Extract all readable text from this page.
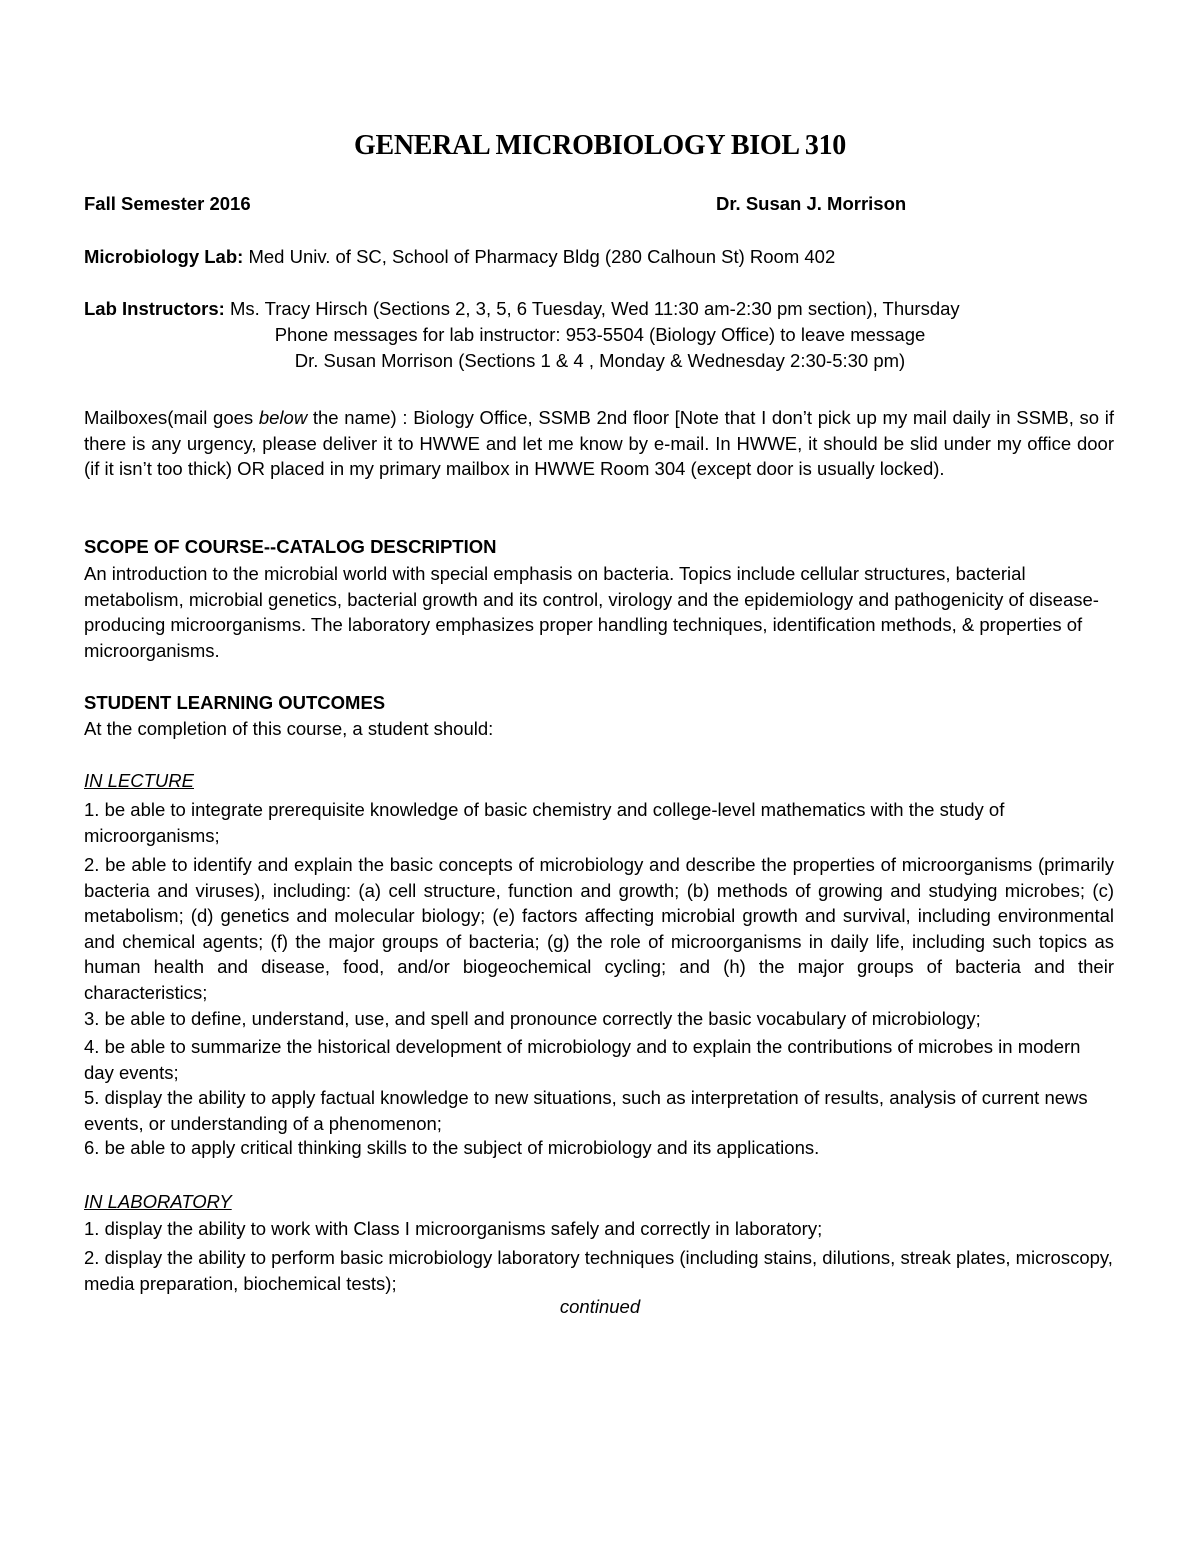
GENERAL MICROBIOLOGY BIOL 310
Fall Semester 2016	Dr. Susan J. Morrison
Microbiology Lab: Med Univ. of SC, School of Pharmacy Bldg (280 Calhoun St) Room 402
Lab Instructors: Ms. Tracy Hirsch (Sections 2, 3, 5, 6 Tuesday, Wed 11:30 am-2:30 pm section), Thursday
Phone messages for lab instructor: 953-5504 (Biology Office) to leave message
Dr. Susan Morrison (Sections 1 & 4 , Monday & Wednesday 2:30-5:30 pm)
Mailboxes(mail goes below the name) : Biology Office, SSMB 2nd floor [Note that I don’t pick up my mail daily in SSMB, so if there is any urgency, please deliver it to HWWE and let me know by e-mail. In HWWE, it should be slid under my office door (if it isn’t too thick) OR placed in my primary mailbox in HWWE Room 304 (except door is usually locked).
SCOPE OF COURSE--CATALOG DESCRIPTION
An introduction to the microbial world with special emphasis on bacteria. Topics include cellular structures, bacterial metabolism, microbial genetics, bacterial growth and its control, virology and the epidemiology and pathogenicity of disease-producing microorganisms. The laboratory emphasizes proper handling techniques, identification methods, & properties of microorganisms.
STUDENT LEARNING OUTCOMES
At the completion of this course, a student should:
IN LECTURE
1. be able to integrate prerequisite knowledge of basic chemistry and college-level mathematics with the study of microorganisms;
2. be able to identify and explain the basic concepts of microbiology and describe the properties of microorganisms (primarily bacteria and viruses), including: (a) cell structure, function and growth; (b) methods of growing and studying microbes; (c) metabolism; (d) genetics and molecular biology; (e) factors affecting microbial growth and survival, including environmental and chemical agents; (f) the major groups of bacteria; (g) the role of microorganisms in daily life, including such topics as human health and disease, food, and/or biogeochemical cycling; and (h) the major groups of bacteria and their characteristics;
3. be able to define, understand, use, and spell and pronounce correctly the basic vocabulary of microbiology;
4. be able to summarize the historical development of microbiology and to explain the contributions of microbes in modern day events;
5. display the ability to apply factual knowledge to new situations, such as interpretation of results, analysis of current news events, or understanding of a phenomenon;
6. be able to apply critical thinking skills to the subject of microbiology and its applications.
IN LABORATORY
1. display the ability to work with Class I microorganisms safely and correctly in laboratory;
2. display the ability to perform basic microbiology laboratory techniques (including stains, dilutions, streak plates, microscopy, media preparation, biochemical tests);
continued
